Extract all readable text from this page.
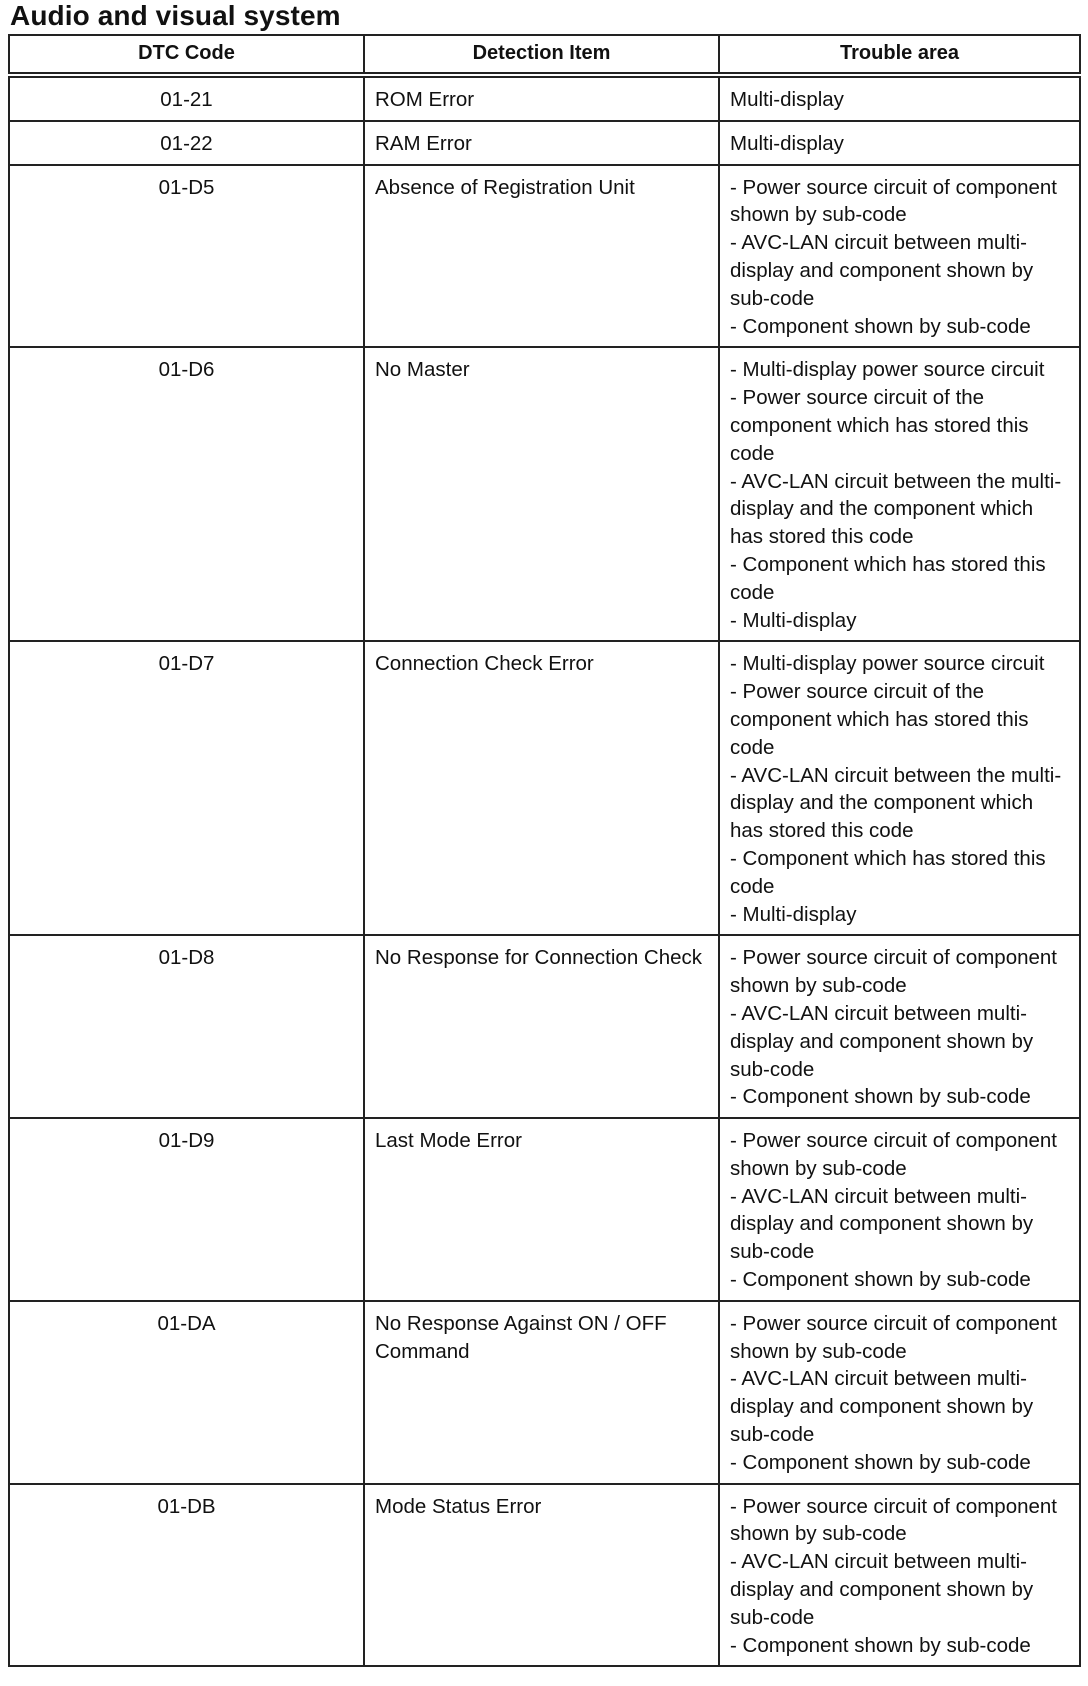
Audio and visual system
DTC Code	Detection Item	Trouble area
01-21	ROM Error	Multi-display

01-22	RAM Error	Multi-display

01-D5	Absence of Registration Unit	- Power source circuit of component shown by sub-code
- AVC-LAN circuit between multi-display and component shown by sub-code
- Component shown by sub-code

01-D6	No Master	- Multi-display power source circuit
- Power source circuit of the component which has stored this code
- AVC-LAN circuit between the multi-display and the component which has stored this code
- Component which has stored this code
- Multi-display

01-D7	Connection Check Error	- Multi-display power source circuit
- Power source circuit of the component which has stored this code
- AVC-LAN circuit between the multi-display and the component which has stored this code
- Component which has stored this code
- Multi-display

01-D8	No Response for Connection Check	- Power source circuit of component shown by sub-code
- AVC-LAN circuit between multi-display and component shown by sub-code
- Component shown by sub-code

01-D9	Last Mode Error	- Power source circuit of component shown by sub-code
- AVC-LAN circuit between multi-display and component shown by sub-code
- Component shown by sub-code

01-DA	No Response Against ON / OFF Command	- Power source circuit of component shown by sub-code
- AVC-LAN circuit between multi-display and component shown by sub-code
- Component shown by sub-code

01-DB	Mode Status Error	- Power source circuit of component shown by sub-code
- AVC-LAN circuit between multi-display and component shown by sub-code
- Component shown by sub-code
